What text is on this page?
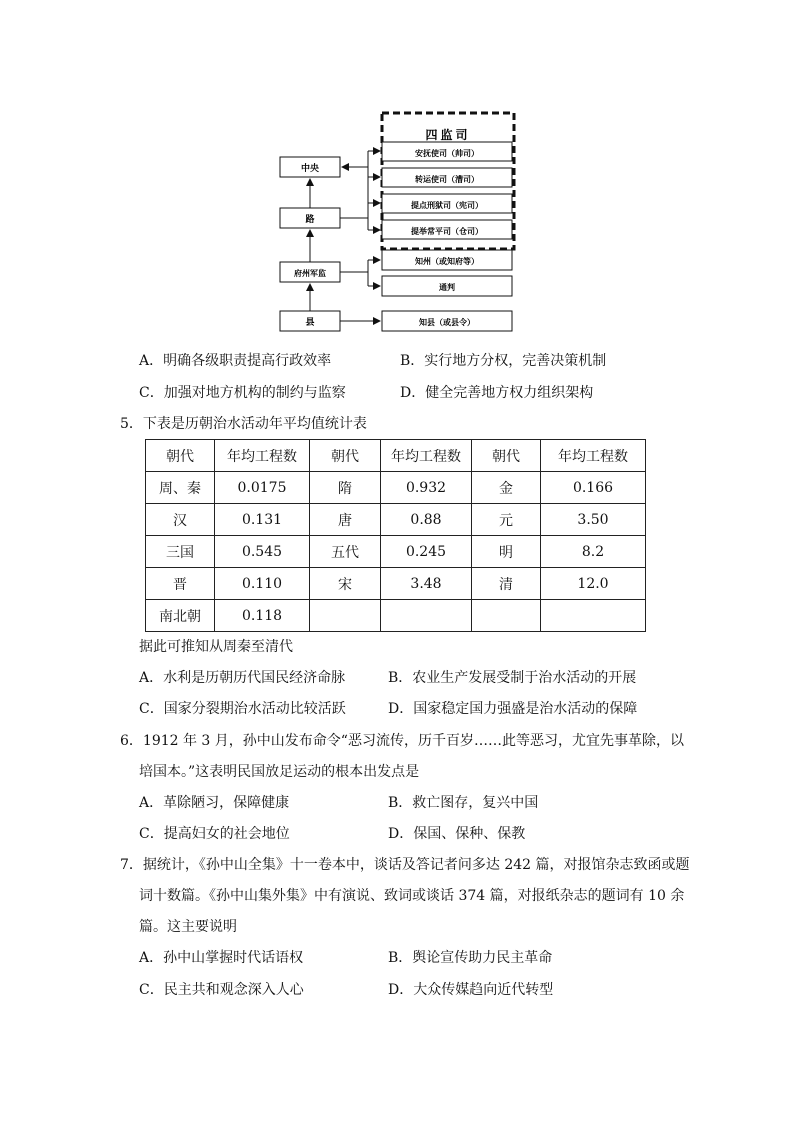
四监司
安抚使司（帅司）
转运使司（漕司）
提点刑狱司（宪司）
提举常平司（仓司）
中央
路
府州军监
县
知州（或知府等）
通判
知县（或县令）
A．明确各级职责提高行政效率	B．实行地方分权，完善决策机制
C．加强对地方机构的制约与监察	D．健全完善地方权力组织架构
5．下表是历朝治水活动年平均值统计表
朝代	年均工程数	朝代	年均工程数	朝代	年均工程数
周、秦	0.0175	隋	0.932	金	0.166
汉	0.131	唐	0.88	元	3.50
三国	0.545	五代	0.245	明	8.2
晋	0.110	宋	3.48	清	12.0
南北朝	0.118				
据此可推知从周秦至清代
A．水利是历朝历代国民经济命脉	B．农业生产发展受制于治水活动的开展
C．国家分裂期治水活动比较活跃	D．国家稳定国力强盛是治水活动的保障
6．1912 年 3 月，孙中山发布命令“恶习流传，历千百岁……此等恶习，尤宜先事革除，以
培国本。”这表明民国放足运动的根本出发点是
A．革除陋习，保障健康	B．救亡图存，复兴中国
C．提高妇女的社会地位	D．保国、保种、保教
7．据统计，《孙中山全集》十一卷本中，谈话及答记者问多达 242 篇，对报馆杂志致函或题
词十数篇。《孙中山集外集》中有演说、致词或谈话 374 篇，对报纸杂志的题词有 10 余
篇。这主要说明
A．孙中山掌握时代话语权	B．舆论宣传助力民主革命
C．民主共和观念深入人心	D．大众传媒趋向近代转型
